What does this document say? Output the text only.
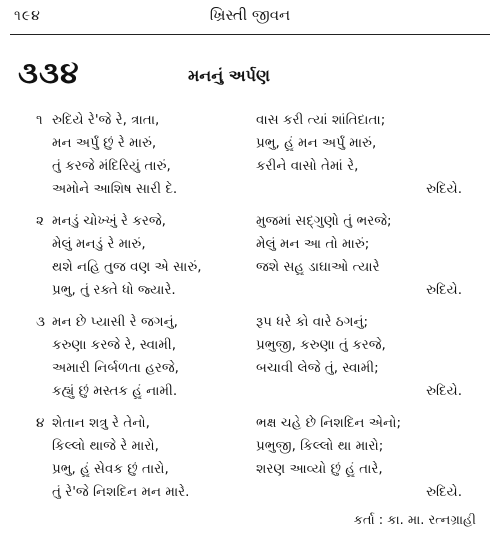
૧૯૪	ખ્રિસ્તી જીવન
૩૩૪	મનનું અર્પણ
૧ રુદિયે રે'જે રે, ત્રાતા,	વાસ કરી ત્યાં શાંતિદાતા;
મન અર્પું છું રે મારું,	પ્રભુ, હું મન અર્પું મારું,
તું કરજે મંદિરિયું તારું,	કરીને વાસો તેમાં રે,
અમોને આશિષ સારી દે.	રુદિયે.
૨ મનડું ચોખ્ખું રે કરજે,	મુજમાં સદ્ગુણો તું ભરજે;
મેલું મનડું રે મારું,	મેલું મન આ તો મારું;
થશે નહિ તુજ વણ એ સારું,	જશે સહુ ડાઘાઓ ત્યારે
પ્રભુ, તું રક્તે ધો જ્યારે.	રુદિયે.
૩ મન છે પ્યાસી રે જગનું,	રૂપ ધરે કો વારે ઠગનું;
કરુણા કરજે રે, સ્વામી,	પ્રભુજી, કરુણા તું કરજે,
અમારી નિર્બળતા હરજે,	બચાવી લેજે તું, સ્વામી;
કહ્યું છું મસ્તક હું નામી.	રુદિયે.
૪ શેતાન શત્રુ રે તેનો,	ભક્ષ ચહે છે નિશદિન એનો;
કિલ્લો થાજે રે મારો,	પ્રભુજી, કિલ્લો થા મારો;
પ્રભુ, હું સેવક છું તારો,	શરણ આવ્યો છું હું તારે,
તું રે'જે નિશદિન મન મારે.	રુદિયે.
કર્તા : કા. મા. રત્નગ્રાહી
